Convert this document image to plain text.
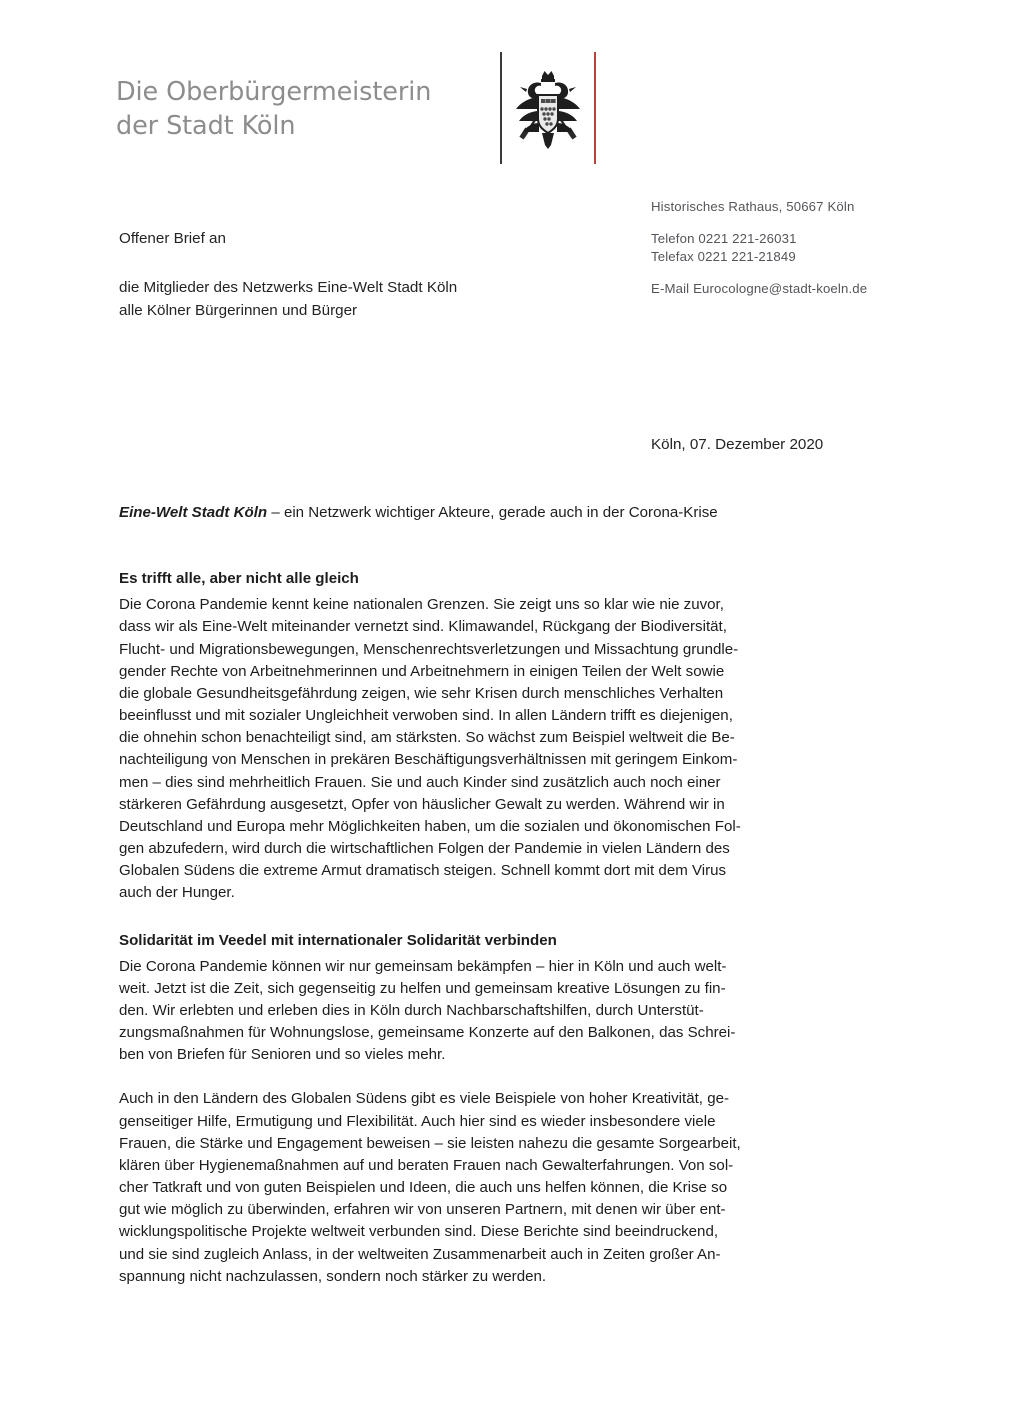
Die Oberbürgermeisterin
der Stadt Köln
Historisches Rathaus, 50667 Köln
Telefon 0221 221-26031
Telefax 0221 221-21849
E-Mail Eurocologne@stadt-koeln.de
Offener Brief an
die Mitglieder des Netzwerks Eine-Welt Stadt Köln
alle Kölner Bürgerinnen und Bürger
Köln, 07. Dezember 2020
Eine-Welt Stadt Köln – ein Netzwerk wichtiger Akteure, gerade auch in der Corona-Krise
Es trifft alle, aber nicht alle gleich

Die Corona Pandemie kennt keine nationalen Grenzen. Sie zeigt uns so klar wie nie zuvor,
dass wir als Eine-Welt miteinander vernetzt sind. Klimawandel, Rückgang der Biodiversität,
Flucht- und Migrationsbewegungen, Menschenrechtsverletzungen und Missachtung grundle-
gender Rechte von Arbeitnehmerinnen und Arbeitnehmern in einigen Teilen der Welt sowie
die globale Gesundheitsgefährdung zeigen, wie sehr Krisen durch menschliches Verhalten
beeinflusst und mit sozialer Ungleichheit verwoben sind. In allen Ländern trifft es diejenigen,
die ohnehin schon benachteiligt sind, am stärksten. So wächst zum Beispiel weltweit die Be-
nachteiligung von Menschen in prekären Beschäftigungsverhältnissen mit geringem Einkom-
men – dies sind mehrheitlich Frauen. Sie und auch Kinder sind zusätzlich auch noch einer
stärkeren Gefährdung ausgesetzt, Opfer von häuslicher Gewalt zu werden. Während wir in
Deutschland und Europa mehr Möglichkeiten haben, um die sozialen und ökonomischen Fol-
gen abzufedern, wird durch die wirtschaftlichen Folgen der Pandemie in vielen Ländern des
Globalen Südens die extreme Armut dramatisch steigen. Schnell kommt dort mit dem Virus
auch der Hunger.

Solidarität im Veedel mit internationaler Solidarität verbinden

Die Corona Pandemie können wir nur gemeinsam bekämpfen – hier in Köln und auch welt-
weit. Jetzt ist die Zeit, sich gegenseitig zu helfen und gemeinsam kreative Lösungen zu fin-
den. Wir erlebten und erleben dies in Köln durch Nachbarschaftshilfen, durch Unterstüt-
zungsmaßnahmen für Wohnungslose, gemeinsame Konzerte auf den Balkonen, das Schrei-
ben von Briefen für Senioren und so vieles mehr.

Auch in den Ländern des Globalen Südens gibt es viele Beispiele von hoher Kreativität, ge-
genseitiger Hilfe, Ermutigung und Flexibilität. Auch hier sind es wieder insbesondere viele
Frauen, die Stärke und Engagement beweisen – sie leisten nahezu die gesamte Sorgearbeit,
klären über Hygienemaßnahmen auf und beraten Frauen nach Gewalterfahrungen. Von sol-
cher Tatkraft und von guten Beispielen und Ideen, die auch uns helfen können, die Krise so
gut wie möglich zu überwinden, erfahren wir von unseren Partnern, mit denen wir über ent-
wicklungspolitische Projekte weltweit verbunden sind. Diese Berichte sind beeindruckend,
und sie sind zugleich Anlass, in der weltweiten Zusammenarbeit auch in Zeiten großer An-
spannung nicht nachzulassen, sondern noch stärker zu werden.
